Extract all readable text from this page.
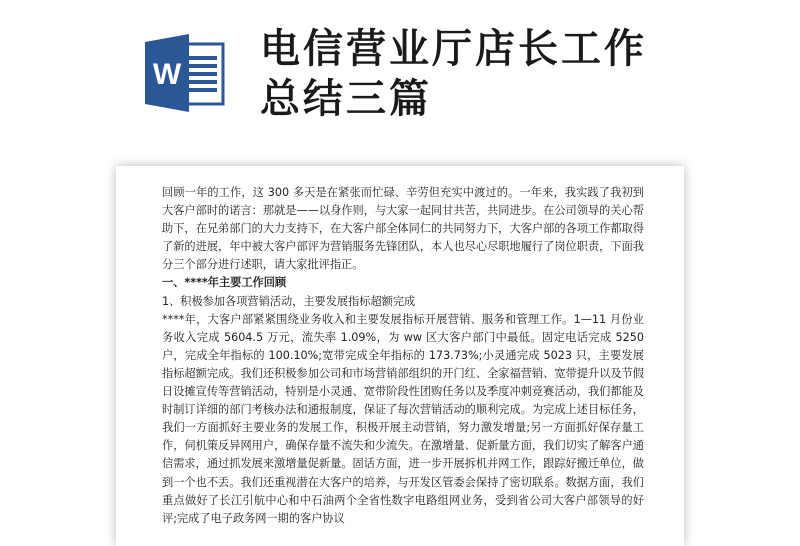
W
电信营业厅店长工作
总结三篇

回顾一年的工作，这 300 多天是在紧张而忙碌、辛劳但充实中渡过的。一年来，我实践了我初到大客户部时的诺言：那就是——以身作则，与大家一起同甘共苦，共同进步。在公司领导的关心帮助下，在兄弟部门的大力支持下，在大客户部全体同仁的共同努力下，大客户部的各项工作都取得了新的进展，年中被大客户部评为营销服务先锋团队，本人也尽心尽职地履行了岗位职责，下面我分三个部分进行述职，请大家批评指正。

一、****年主要工作回顾

1、积极参加各项营销活动，主要发展指标超额完成

****年，大客户部紧紧围绕业务收入和主要发展指标开展营销、服务和管理工作。1—11 月份业务收入完成 5604.5 万元，流失率 1.09%，为 ww 区大客户部门中最低。固定电话完成 5250 户，完成全年指标的 100.10%;宽带完成全年指标的 173.73%;小灵通完成 5023 只，主要发展指标超额完成。我们还积极参加公司和市场营销部组织的开门红、全家福营销、宽带提升以及节假日设摊宣传等营销活动，特别是小灵通、宽带阶段性团购任务以及季度冲刺竞赛活动，我们都能及时制订详细的部门考核办法和通报制度，保证了每次营销活动的顺利完成。为完成上述目标任务，我们一方面抓好主要业务的发展工作，积极开展主动营销，努力激发增量;另一方面抓好保存量工作，伺机策反异网用户，确保存量不流失和少流失。在激增量、促新量方面，我们切实了解客户通信需求，通过抓发展来激增量促新量。固话方面，进一步开展拆机并网工作，跟踪好搬迁单位，做到一个也不丢。我们还重视潜在大客户的培养，与开发区管委会保持了密切联系。数据方面，我们重点做好了长江引航中心和中石油两个全省性数字电路组网业务，受到省公司大客户部领导的好评;完成了电子政务网一期的客户协议
